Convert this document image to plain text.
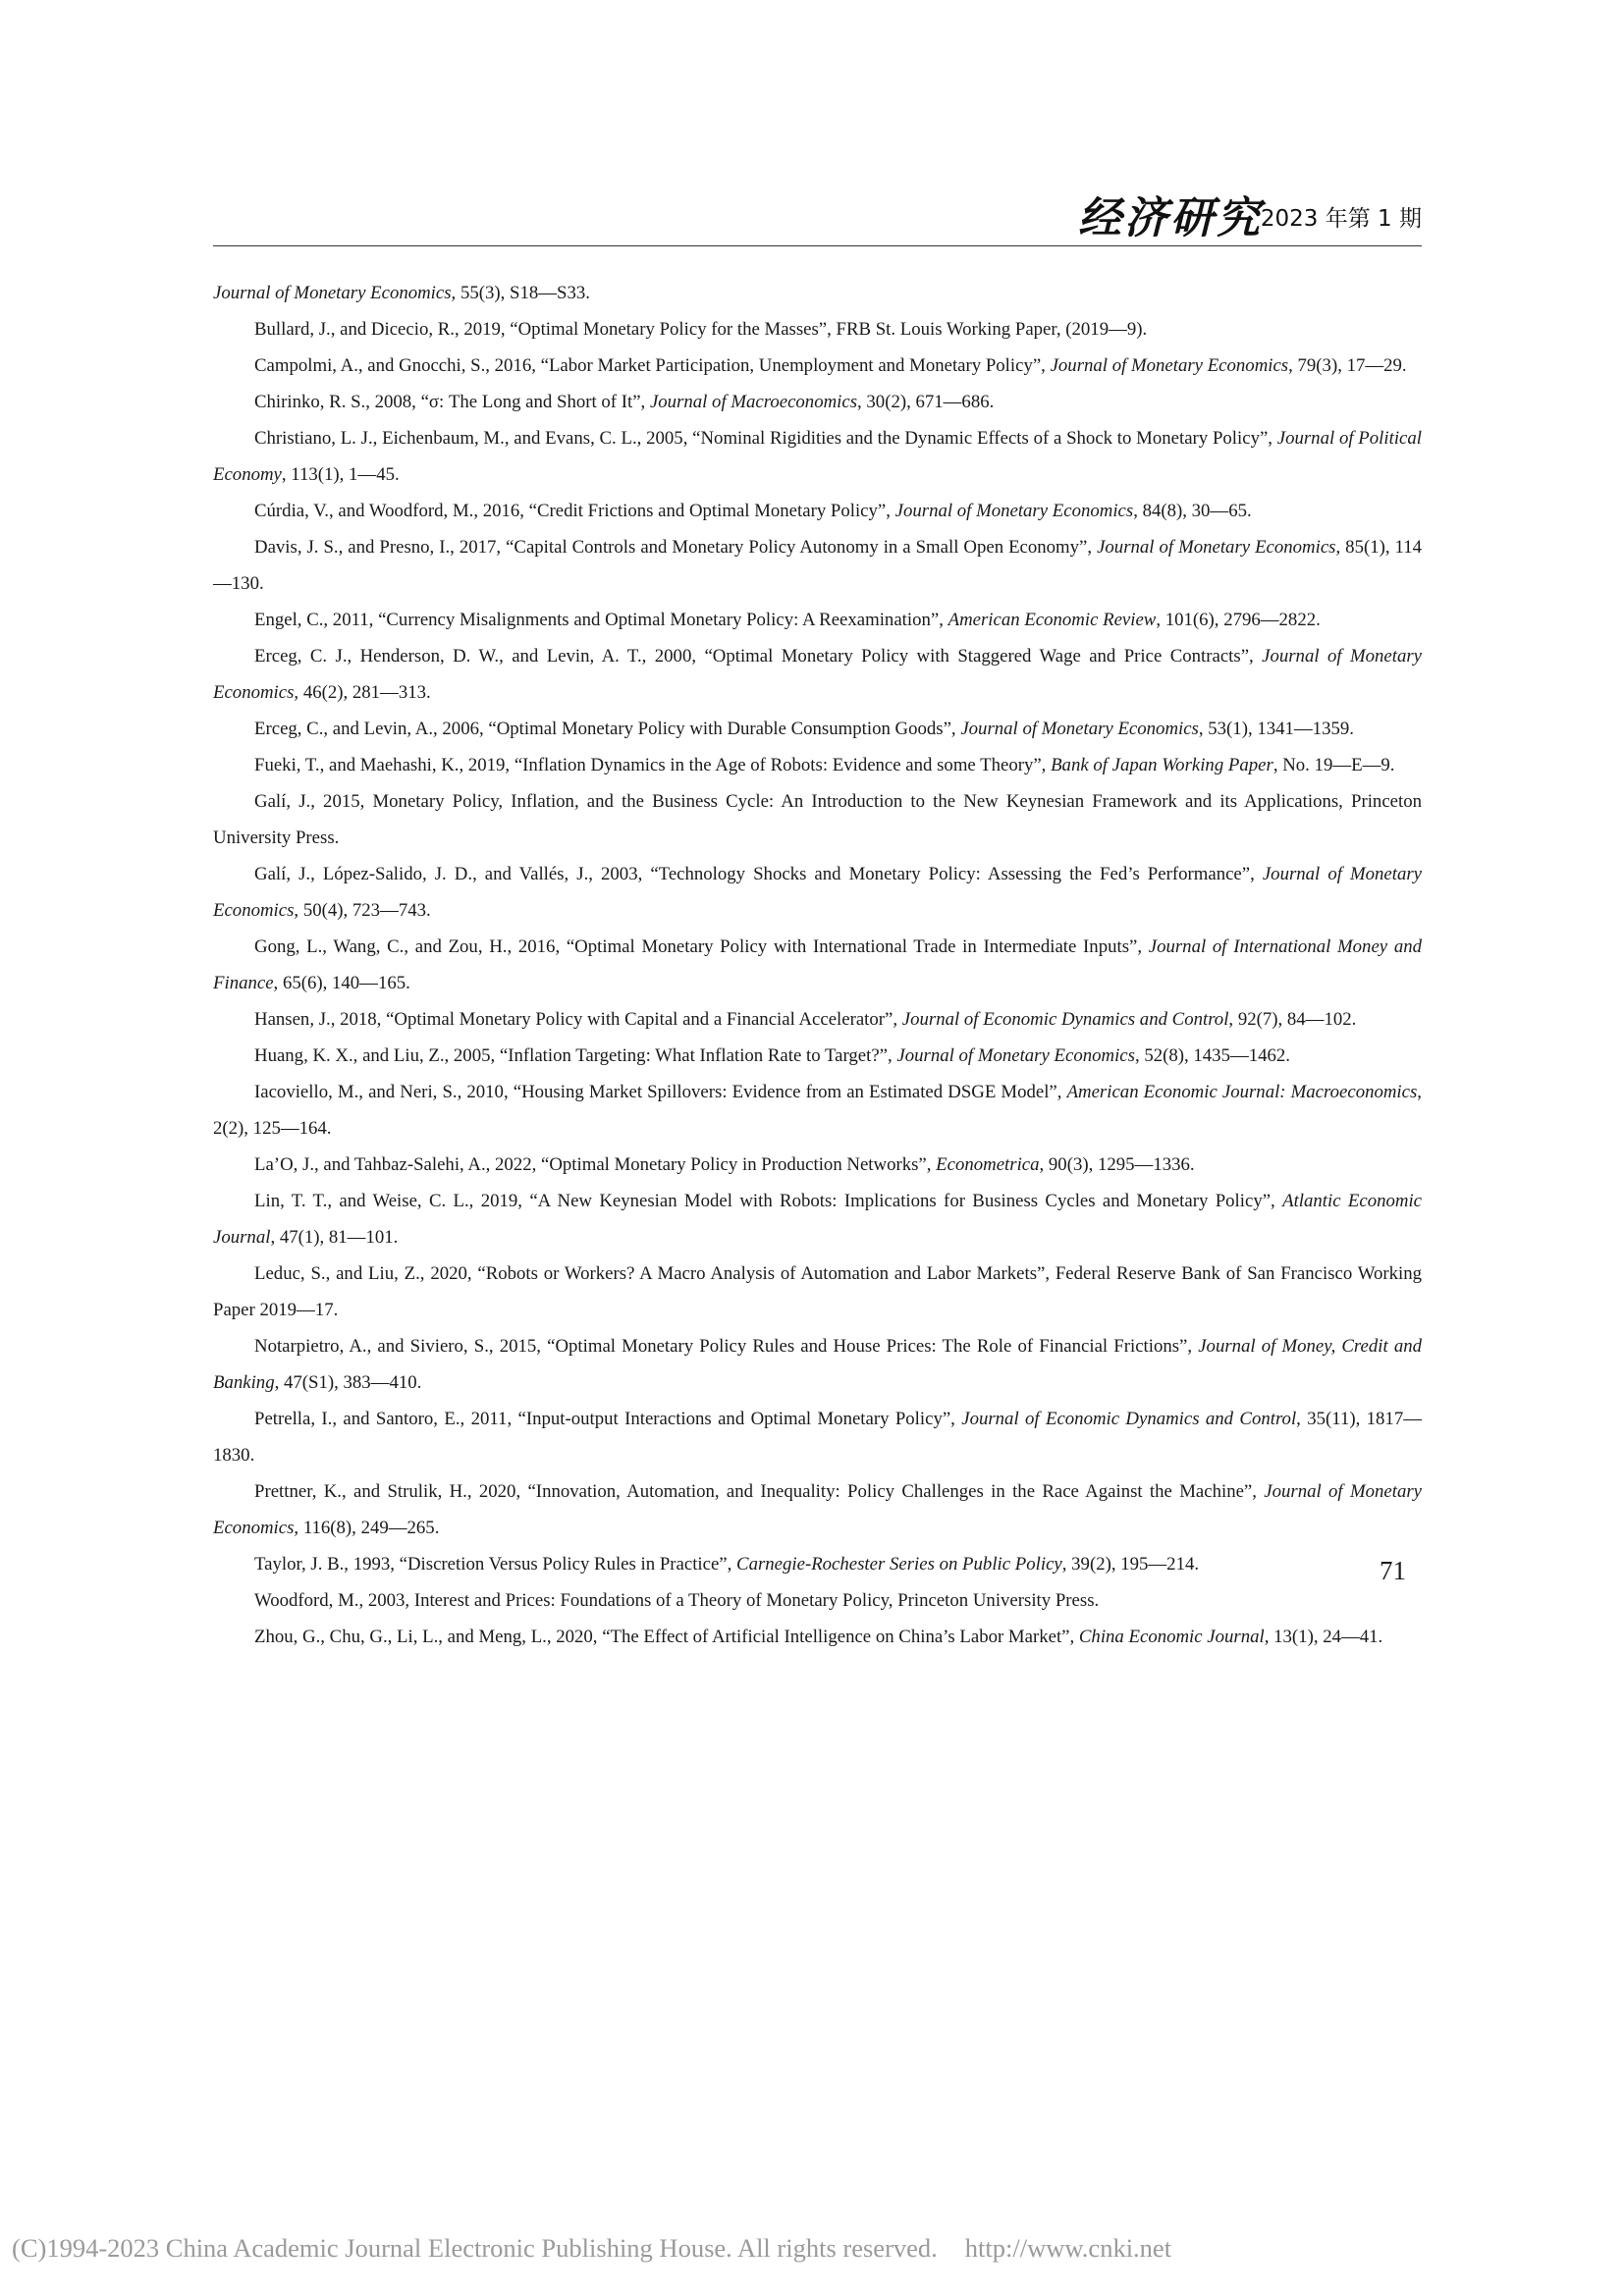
经济研究
2023 年第 1 期

Journal of Monetary Economics, 55(3), S18—S33.

Bullard, J., and Dicecio, R., 2019, “Optimal Monetary Policy for the Masses”, FRB St. Louis Working Paper, (2019—9).

Campolmi, A., and Gnocchi, S., 2016, “Labor Market Participation, Unemployment and Monetary Policy”, Journal of Monetary Economics, 79(3), 17—29.

Chirinko, R. S., 2008, “σ: The Long and Short of It”, Journal of Macroeconomics, 30(2), 671—686.

Christiano, L. J., Eichenbaum, M., and Evans, C. L., 2005, “Nominal Rigidities and the Dynamic Effects of a Shock to Monetary Policy”, Journal of Political Economy, 113(1), 1—45.

Cúrdia, V., and Woodford, M., 2016, “Credit Frictions and Optimal Monetary Policy”, Journal of Monetary Economics, 84(8), 30—65.

Davis, J. S., and Presno, I., 2017, “Capital Controls and Monetary Policy Autonomy in a Small Open Economy”, Journal of Monetary Economics, 85(1), 114—130.

Engel, C., 2011, “Currency Misalignments and Optimal Monetary Policy: A Reexamination”, American Economic Review, 101(6), 2796—2822.

Erceg, C. J., Henderson, D. W., and Levin, A. T., 2000, “Optimal Monetary Policy with Staggered Wage and Price Contracts”, Journal of Monetary Economics, 46(2), 281—313.

Erceg, C., and Levin, A., 2006, “Optimal Monetary Policy with Durable Consumption Goods”, Journal of Monetary Economics, 53(1), 1341—1359.

Fueki, T., and Maehashi, K., 2019, “Inflation Dynamics in the Age of Robots: Evidence and some Theory”, Bank of Japan Working Paper, No. 19—E—9.

Galí, J., 2015, Monetary Policy, Inflation, and the Business Cycle: An Introduction to the New Keynesian Framework and its Applications, Princeton University Press.

Galí, J., López-Salido, J. D., and Vallés, J., 2003, “Technology Shocks and Monetary Policy: Assessing the Fed’s Performance”, Journal of Monetary Economics, 50(4), 723—743.

Gong, L., Wang, C., and Zou, H., 2016, “Optimal Monetary Policy with International Trade in Intermediate Inputs”, Journal of International Money and Finance, 65(6), 140—165.

Hansen, J., 2018, “Optimal Monetary Policy with Capital and a Financial Accelerator”, Journal of Economic Dynamics and Control, 92(7), 84—102.

Huang, K. X., and Liu, Z., 2005, “Inflation Targeting: What Inflation Rate to Target?”, Journal of Monetary Economics, 52(8), 1435—1462.

Iacoviello, M., and Neri, S., 2010, “Housing Market Spillovers: Evidence from an Estimated DSGE Model”, American Economic Journal: Macroeconomics, 2(2), 125—164.

La’O, J., and Tahbaz-Salehi, A., 2022, “Optimal Monetary Policy in Production Networks”, Econometrica, 90(3), 1295—1336.

Lin, T. T., and Weise, C. L., 2019, “A New Keynesian Model with Robots: Implications for Business Cycles and Monetary Policy”, Atlantic Economic Journal, 47(1), 81—101.

Leduc, S., and Liu, Z., 2020, “Robots or Workers? A Macro Analysis of Automation and Labor Markets”, Federal Reserve Bank of San Francisco Working Paper 2019—17.

Notarpietro, A., and Siviero, S., 2015, “Optimal Monetary Policy Rules and House Prices: The Role of Financial Frictions”, Journal of Money, Credit and Banking, 47(S1), 383—410.

Petrella, I., and Santoro, E., 2011, “Input-output Interactions and Optimal Monetary Policy”, Journal of Economic Dynamics and Control, 35(11), 1817—1830.

Prettner, K., and Strulik, H., 2020, “Innovation, Automation, and Inequality: Policy Challenges in the Race Against the Machine”, Journal of Monetary Economics, 116(8), 249—265.

Taylor, J. B., 1993, “Discretion Versus Policy Rules in Practice”, Carnegie-Rochester Series on Public Policy, 39(2), 195—214.

Woodford, M., 2003, Interest and Prices: Foundations of a Theory of Monetary Policy, Princeton University Press.

Zhou, G., Chu, G., Li, L., and Meng, L., 2020, “The Effect of Artificial Intelligence on China’s Labor Market”, China Economic Journal, 13(1), 24—41.

71
(C)1994-2023 China Academic Journal Electronic Publishing House. All rights reserved. http://www.cnki.net
